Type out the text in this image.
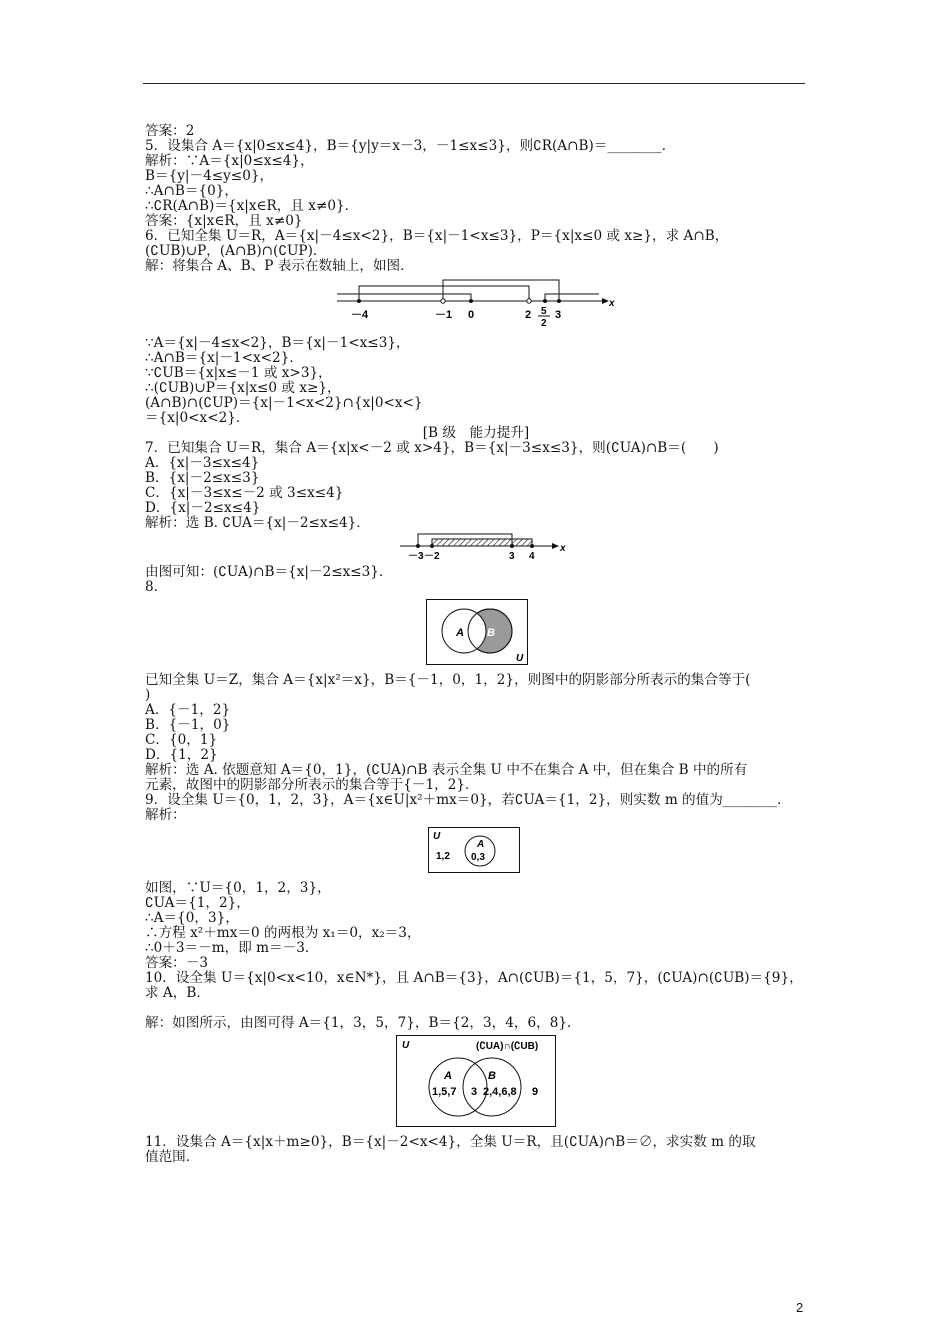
答案：2
5．设集合 A＝{x|0≤x≤4}，B＝{y|y＝x－3，－1≤x≤3}，则∁R(A∩B)＝________．
解析：∵A＝{x|0≤x≤4}，
B＝{y|－4≤y≤0}，
∴A∩B＝{0}，
∴∁R(A∩B)＝{x|x∈R，且 x≠0}．
答案：{x|x∈R，且 x≠0}
6．已知全集 U＝R，A＝{x|－4≤x<2}，B＝{x|－1<x≤3}，P＝{x|x≤0 或 x≥}，求 A∩B，
(∁UB)∪P，(A∩B)∩(∁UP)．
解：将集合 A、B、P 表示在数轴上，如图．
－4	－1 0	2 5
2
3
x
∵A＝{x|－4≤x<2}，B＝{x|－1<x≤3}，
∴A∩B＝{x|－1<x<2}．
∵∁UB＝{x|x≤－1 或 x>3}，
∴(∁UB)∪P＝{x|x≤0 或 x≥}，
(A∩B)∩(∁UP)＝{x|－1<x<2}∩{x|0<x<}
＝{x|0<x<2}．
[B 级　能力提升]
7．已知集合 U＝R，集合 A＝{x|x<－2 或 x>4}，B＝{x|－3≤x≤3}，则(∁UA)∩B＝(　　)
A．{x|－3≤x≤4}
B．{x|－2≤x≤3}
C．{x|－3≤x≤－2 或 3≤x≤4}
D．{x|－2≤x≤4}
解析：选 B. ∁UA＝{x|－2≤x≤4}．
－3 －2	3 4
x
由图可知：(∁UA)∩B＝{x|－2≤x≤3}．
8.
A B
U
已知全集 U＝Z，集合 A＝{x|x²＝x}，B＝{－1，0，1，2}，则图中的阴影部分所表示的集合等于(
)
A．{－1，2}
B．{－1，0}
C．{0，1}
D．{1，2}
解析：选 A. 依题意知 A＝{0，1}，(∁UA)∩B 表示全集 U 中不在集合 A 中，但在集合 B 中的所有
元素，故图中的阴影部分所表示的集合等于{－1，2}．
9．设全集 U＝{0，1，2，3}，A＝{x∈U|x²＋mx＝0}，若∁UA＝{1，2}，则实数 m 的值为________．
解析：
U
1,2
A
0,3
如图，∵U＝{0，1，2，3}，
∁UA＝{1，2}，
∴A＝{0，3}，
∴方程 x²＋mx＝0 的两根为 x₁＝0，x₂＝3，
∴0＋3＝－m，即 m＝－3．
答案：－3
10．设全集 U＝{x|0<x<10，x∈N*}，且 A∩B＝{3}，A∩(∁UB)＝{1，5，7}，(∁UA)∩(∁UB)＝{9}，
求 A，B．

解：如图所示，由图可得 A＝{1，3，5，7}，B＝{2，3，4，6，8}．
U	(∁UA)∩(∁UB)
A	B
1,5,7 3 2,4,6,8 9
11．设集合 A＝{x|x＋m≥0}，B＝{x|－2<x<4}，全集 U＝R，且(∁UA)∩B＝∅，求实数 m 的取
值范围．
2
